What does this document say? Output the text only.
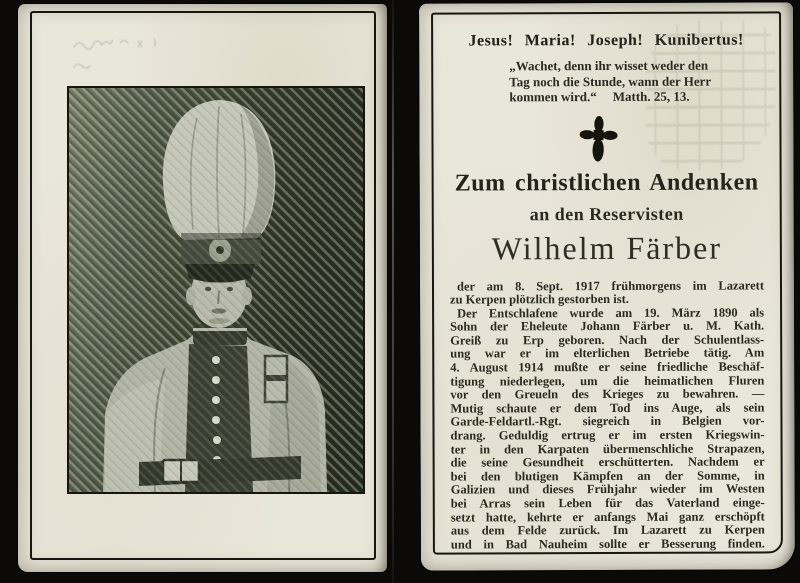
Jesus! Maria! Joseph! Kunibertus!
„Wachet, denn ihr wisset weder den
Tag noch die Stunde, wann der Herr
kommen wird.“ Matth. 25, 13.
Zum christlichen Andenken
an den Reservisten
Wilhelm Färber
der am 8. Sept. 1917 frühmorgens im Lazarett
zu Kerpen plötzlich gestorben ist.
Der Entschlafene wurde am 19. März 1890 als
Sohn der Eheleute Johann Färber u. M. Kath.
Greiß zu Erp geboren. Nach der Schulentlass-
ung war er im elterlichen Betriebe tätig. Am
4. August 1914 mußte er seine friedliche Beschäf-
tigung niederlegen, um die heimatlichen Fluren
vor den Greueln des Krieges zu bewahren. —
Mutig schaute er dem Tod ins Auge, als sein
Garde-Feldartl.-Rgt. siegreich in Belgien vor-
drang. Geduldig ertrug er im ersten Kriegswin-
ter in den Karpaten übermenschliche Strapazen,
die seine Gesundheit erschütterten. Nachdem er
bei den blutigen Kämpfen an der Somme, in
Galizien und dieses Frühjahr wieder im Westen
bei Arras sein Leben für das Vaterland einge-
setzt hatte, kehrte er anfangs Mai ganz erschöpft
aus dem Felde zurück. Im Lazarett zu Kerpen
und in Bad Nauheim sollte er Besserung finden.
